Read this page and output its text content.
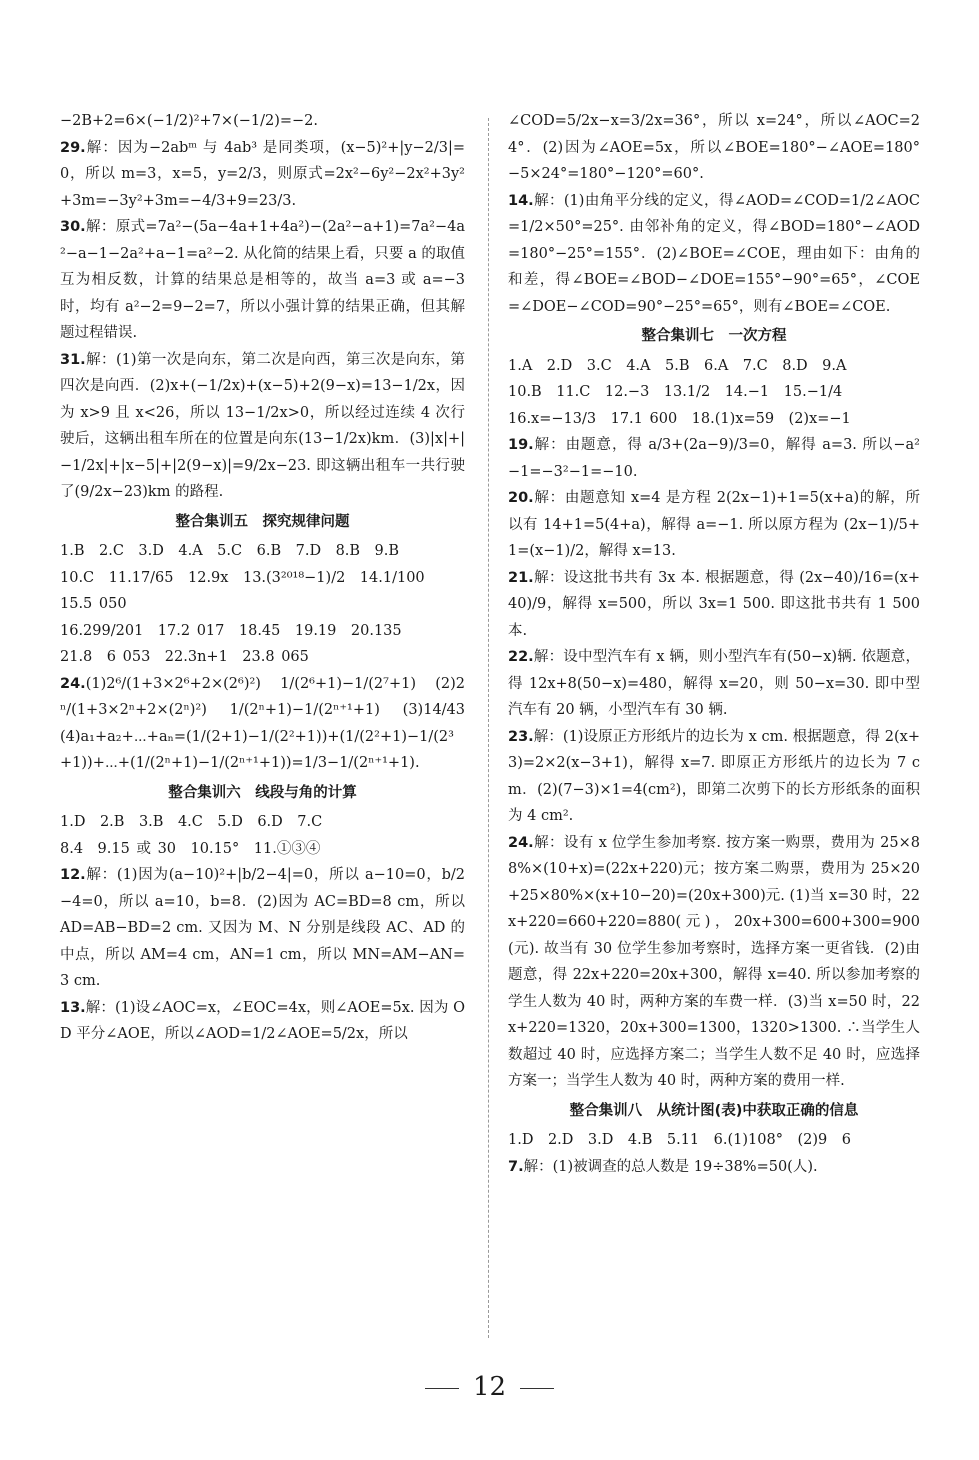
−2B+2=6×(−1/2)²+7×(−1/2)=−2.
29.解：因为−2abᵐ 与 4ab³ 是同类项，(x−5)²+|y−2/3|=0，所以 m=3，x=5，y=2/3，则原式=2x²−6y²−2x²+3y²+3m=−3y²+3m=−4/3+9=23/3.
30.解：原式=7a²−(5a−4a+1+4a²)−(2a²−a+1)=7a²−4a²−a−1−2a²+a−1=a²−2. 从化简的结果上看，只要 a 的取值互为相反数，计算的结果总是相等的，故当 a=3 或 a=−3 时，均有 a²−2=9−2=7，所以小强计算的结果正确，但其解题过程错误.
31.解：(1)第一次是向东，第二次是向西，第三次是向东，第四次是向西．(2)x+(−1/2x)+(x−5)+2(9−x)=13−1/2x，因为 x>9 且 x<26，所以 13−1/2x>0，所以经过连续 4 次行驶后，这辆出租车所在的位置是向东(13−1/2x)km．(3)|x|+|−1/2x|+|x−5|+|2(9−x)|=9/2x−23. 即这辆出租车一共行驶了(9/2x−23)km 的路程.
整合集训五　探究规律问题
1.B　2.C　3.D　4.A　5.C　6.B　7.D　8.B　9.B
10.C　11.17/65　12.9x　13.(3²⁰¹⁸−1)/2　14.1/100　15.5 050
16.299/201　17.2 017　18.45　19.19　20.135
21.8　6 053　22.3n+1　23.8 065
24.(1)2⁶/(1+3×2⁶+2×(2⁶)²)　1/(2⁶+1)−1/(2⁷+1)　(2)2ⁿ/(1+3×2ⁿ+2×(2ⁿ)²)　1/(2ⁿ+1)−1/(2ⁿ⁺¹+1)　(3)14/43　(4)a₁+a₂+⋯+aₙ=(1/(2+1)−1/(2²+1))+(1/(2²+1)−1/(2³+1))+⋯+(1/(2ⁿ+1)−1/(2ⁿ⁺¹+1))=1/3−1/(2ⁿ⁺¹+1).
整合集训六　线段与角的计算
1.D　2.B　3.B　4.C　5.D　6.D　7.C
8.4　9.15 或 30　10.15°　11.①③④
12.解：(1)因为(a−10)²+|b/2−4|=0，所以 a−10=0，b/2−4=0，所以 a=10，b=8．(2)因为 AC=BD=8 cm，所以 AD=AB−BD=2 cm. 又因为 M、N 分别是线段 AC、AD 的中点，所以 AM=4 cm，AN=1 cm，所以 MN=AM−AN=3 cm.
13.解：(1)设∠AOC=x，∠EOC=4x，则∠AOE=5x. 因为 OD 平分∠AOE，所以∠AOD=1/2∠AOE=5/2x，所以
∠COD=5/2x−x=3/2x=36°，所以 x=24°，所以∠AOC=24°．(2)因为∠AOE=5x，所以∠BOE=180°−∠AOE=180°−5×24°=180°−120°=60°.
14.解：(1)由角平分线的定义，得∠AOD=∠COD=1/2∠AOC=1/2×50°=25°. 由邻补角的定义，得∠BOD=180°−∠AOD=180°−25°=155°．(2)∠BOE=∠COE，理由如下：由角的和差，得∠BOE=∠BOD−∠DOE=155°−90°=65°，∠COE=∠DOE−∠COD=90°−25°=65°，则有∠BOE=∠COE.
整合集训七　一次方程
1.A　2.D　3.C　4.A　5.B　6.A　7.C　8.D　9.A
10.B　11.C　12.−3　13.1/2　14.−1　15.−1/4
16.x=−13/3　17.1 600　18.(1)x=59　(2)x=−1
19.解：由题意，得 a/3+(2a−9)/3=0，解得 a=3. 所以−a²−1=−3²−1=−10.
20.解：由题意知 x=4 是方程 2(2x−1)+1=5(x+a)的解，所以有 14+1=5(4+a)，解得 a=−1. 所以原方程为 (2x−1)/5+1=(x−1)/2，解得 x=13.
21.解：设这批书共有 3x 本. 根据题意，得 (2x−40)/16=(x+40)/9，解得 x=500，所以 3x=1 500. 即这批书共有 1 500 本.
22.解：设中型汽车有 x 辆，则小型汽车有(50−x)辆. 依题意，得 12x+8(50−x)=480，解得 x=20，则 50−x=30. 即中型汽车有 20 辆，小型汽车有 30 辆.
23.解：(1)设原正方形纸片的边长为 x cm. 根据题意，得 2(x+3)=2×2(x−3+1)，解得 x=7. 即原正方形纸片的边长为 7 cm．(2)(7−3)×1=4(cm²)，即第二次剪下的长方形纸条的面积为 4 cm².
24.解：设有 x 位学生参加考察. 按方案一购票，费用为 25×88%×(10+x)=(22x+220)元；按方案二购票，费用为 25×20+25×80%×(x+10−20)=(20x+300)元. (1)当 x=30 时，22x+220=660+220=880(元)，20x+300=600+300=900(元). 故当有 30 位学生参加考察时，选择方案一更省钱．(2)由题意，得 22x+220=20x+300，解得 x=40. 所以参加考察的学生人数为 40 时，两种方案的车费一样．(3)当 x=50 时，22x+220=1320，20x+300=1300，1320>1300. ∴当学生人数超过 40 时，应选择方案二；当学生人数不足 40 时，应选择方案一；当学生人数为 40 时，两种方案的费用一样.
整合集训八　从统计图(表)中获取正确的信息
1.D　2.D　3.D　4.B　5.11　6.(1)108°　(2)9　6
7.解：(1)被调查的总人数是 19÷38%=50(人).
12
